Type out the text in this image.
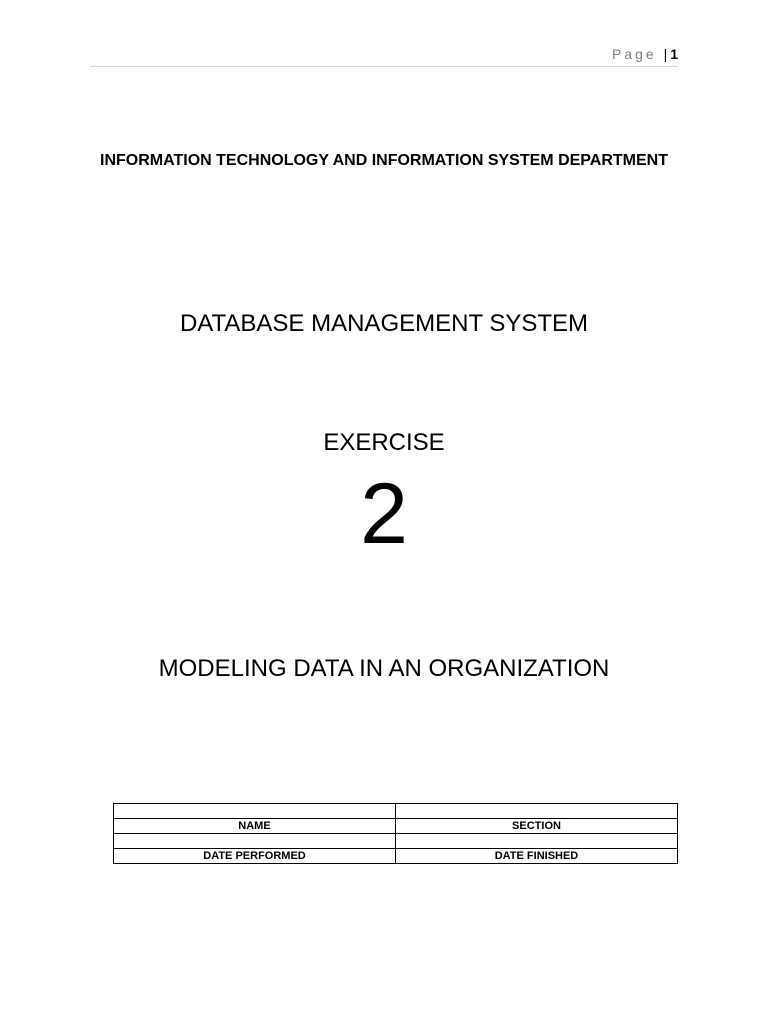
Page |1
INFORMATION TECHNOLOGY AND INFORMATION SYSTEM DEPARTMENT
DATABASE MANAGEMENT SYSTEM
EXERCISE
2
MODELING DATA IN AN ORGANIZATION

NAME	SECTION

DATE PERFORMED	DATE FINISHED
